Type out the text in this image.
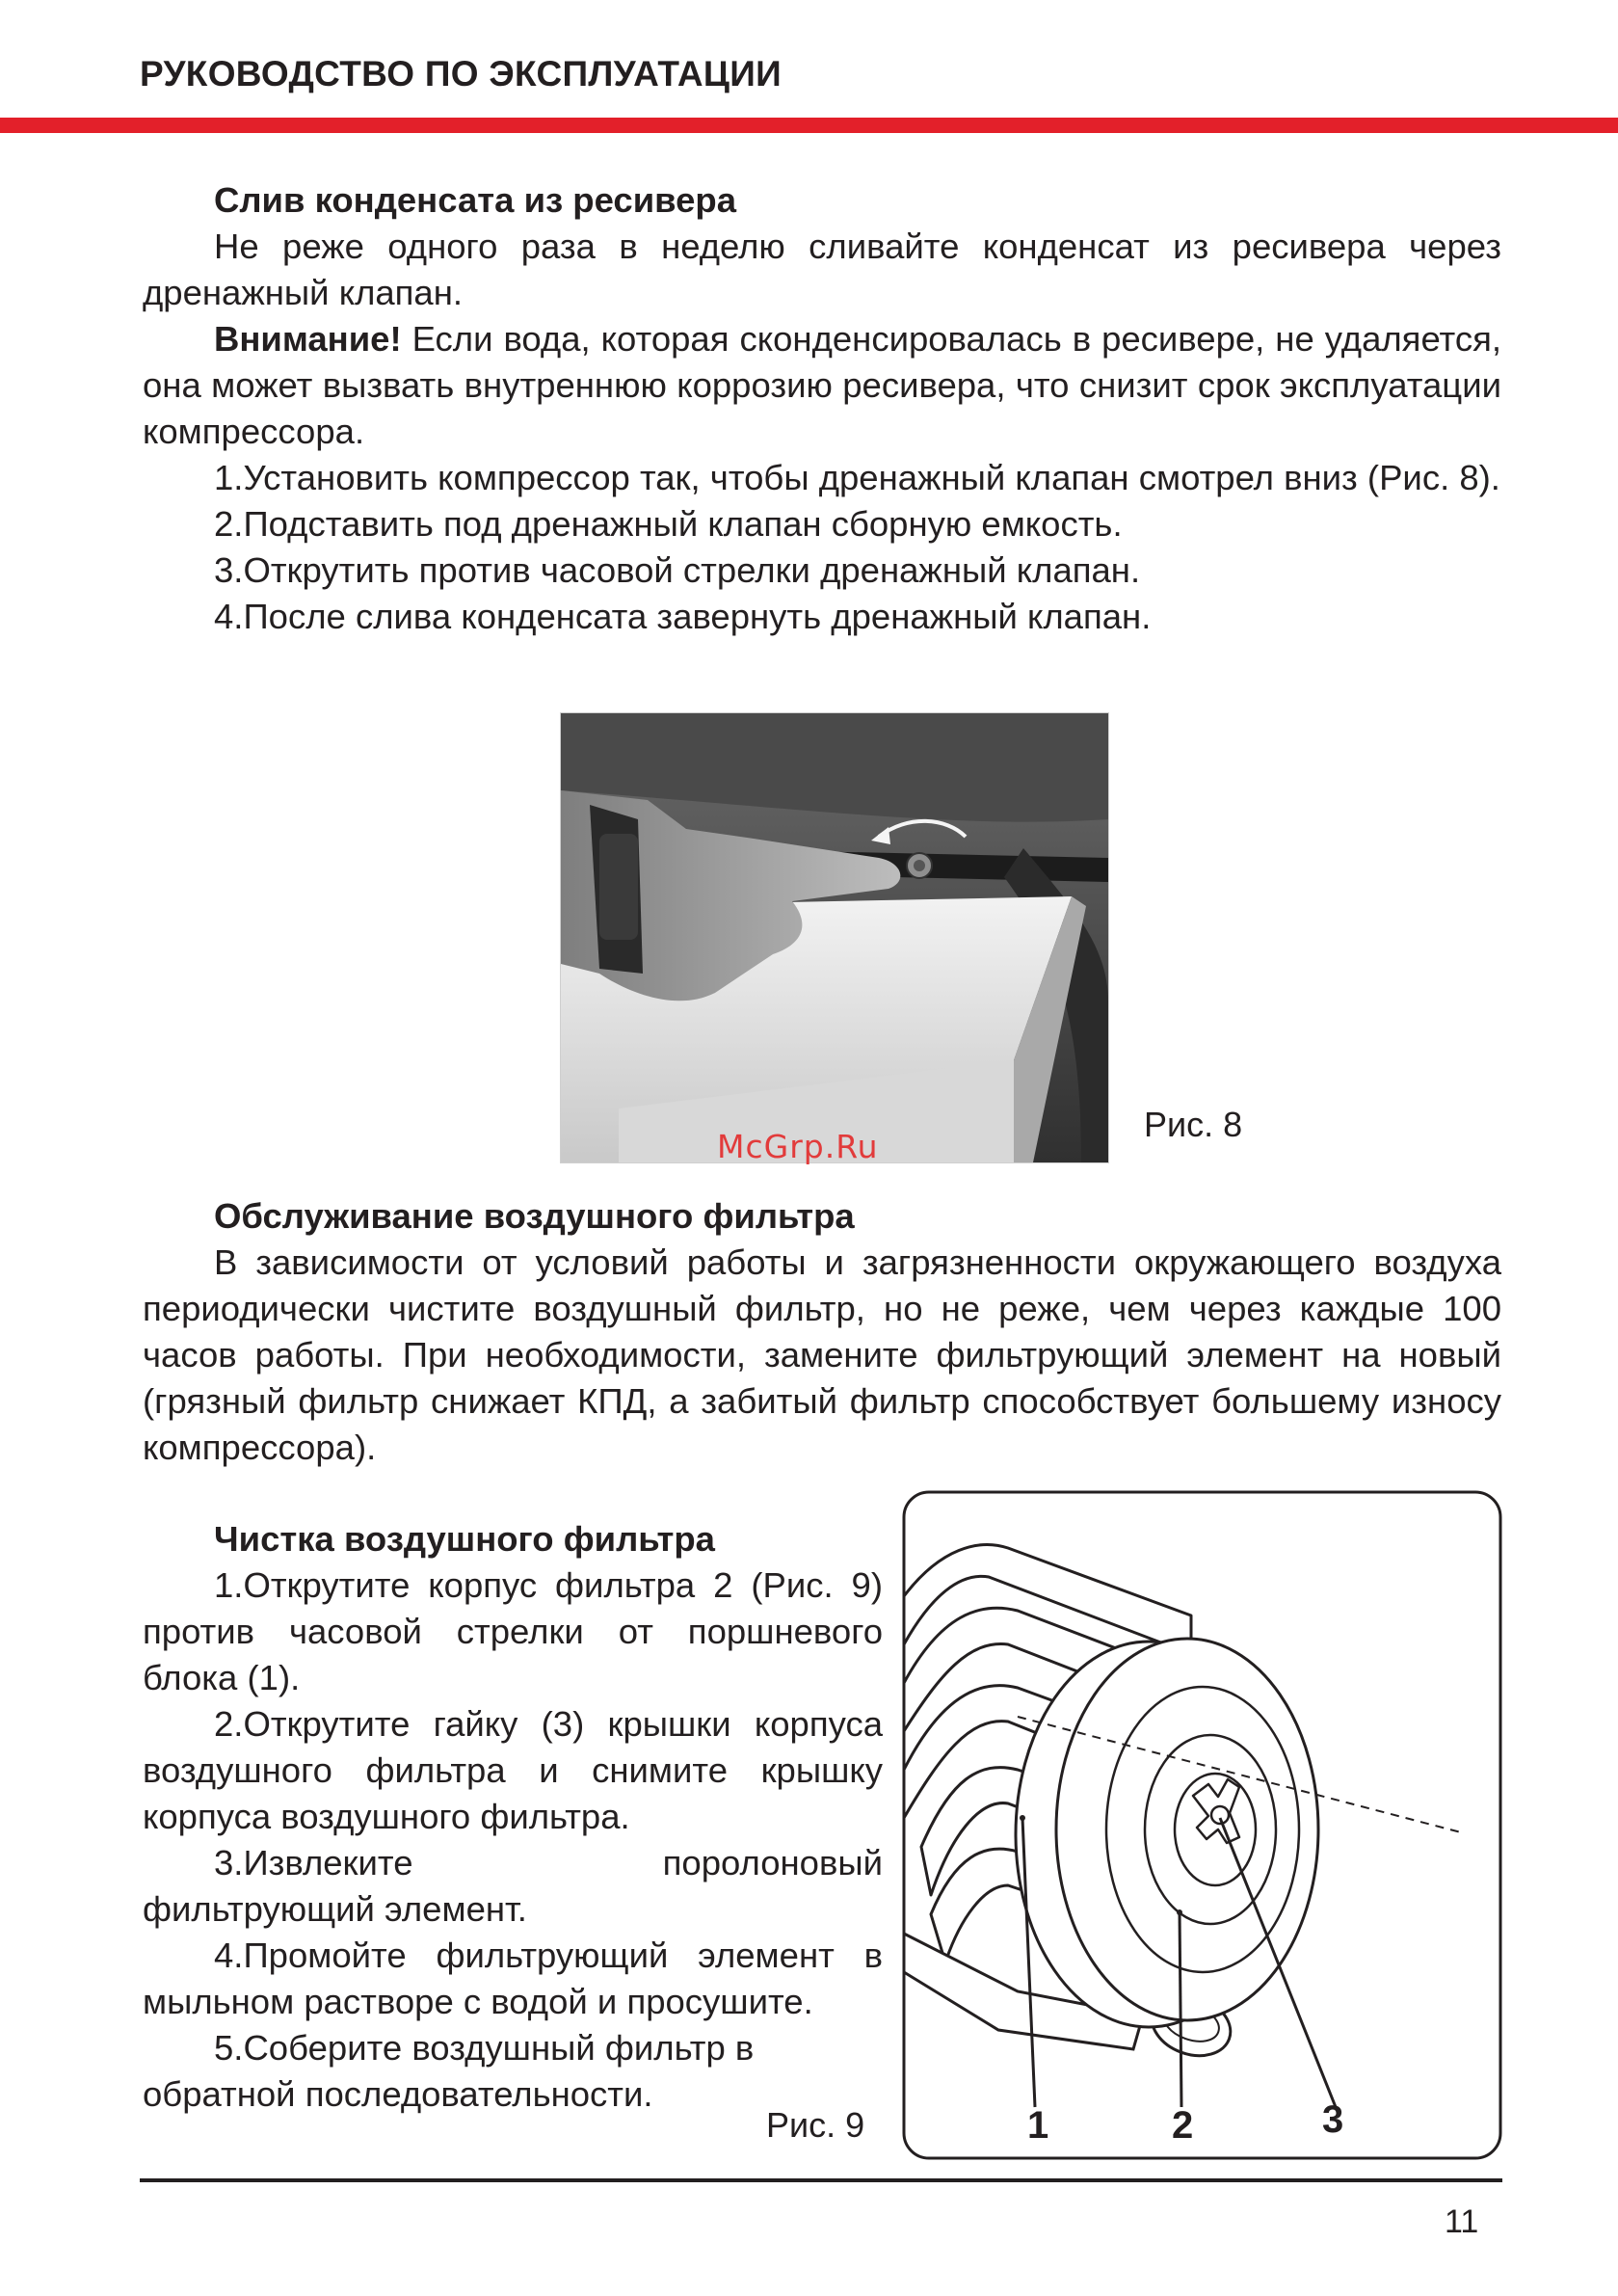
РУКОВОДСТВО ПО ЭКСПЛУАТАЦИИ

Слив конденсата из ресивера

Не реже одного раза в неделю сливайте конденсат из ресивера через дренажный клапан.

Внимание! Если вода, которая сконденсировалась в ресивере, не удаляется, она может вызвать внутреннюю коррозию ресивера, что снизит срок эксплуатации компрессора.

1.Установить компрессор так, чтобы дренажный клапан смотрел вниз (Рис. 8).

2.Подставить под дренажный клапан сборную емкость.

3.Открутить против часовой стрелки дренажный клапан.

4.После слива конденсата завернуть дренажный клапан.

McGrp.Ru
Рис. 8

Обслуживание воздушного фильтра

В зависимости от условий работы и загрязненности окружающего воздуха периодически чистите воздушный фильтр, но не реже, чем через каждые 100 часов работы. При необходимости, замените фильтрующий элемент на новый (грязный фильтр снижает КПД, а забитый фильтр способствует большему износу компрессора).

Чистка воздушного фильтра

1.Открутите корпус фильтра 2 (Рис. 9) против часовой стрелки от поршневого блока (1).

2.Открутите гайку (3) крышки корпуса воздушного фильтра и снимите крышку корпуса воздушного фильтра.

3.Извлеките поролоновый фильтрующий элемент.

4.Промойте фильтрующий элемент в мыльном растворе с водой и просушите.

5.Соберите воздушный фильтр в обратной последовательности.

Рис. 9	1	2	3
11
